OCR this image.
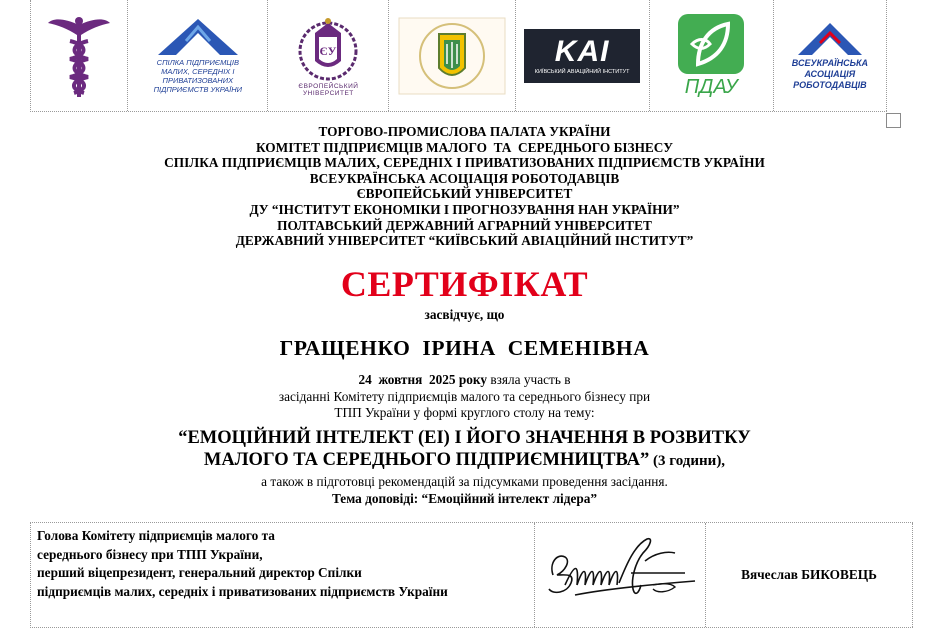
СПІЛКА ПІДПРИЄМЦІВ МАЛИХ, СЕРЕДНІХ І ПРИВАТИЗОВАНИХ ПІДПРИЄМСТВ УКРАЇНИ
ЄУ
ЄВРОПЕЙСЬКИЙ УНІВЕРСИТЕТ
KAI
КИЇВСЬКИЙ АВІАЦІЙНИЙ ІНСТИТУТ
ПДАУ
ВСЕУКРАЇНСЬКА АСОЦІАЦІЯ РОБОТОДАВЦІВ
ТОРГОВО-ПРОМИСЛОВА ПАЛАТА УКРАЇНИ
КОМІТЕТ ПІДПРИЄМЦІВ МАЛОГО  ТА  СЕРЕДНЬОГО БІЗНЕСУ
СПІЛКА ПІДПРИЄМЦІВ МАЛИХ, СЕРЕДНІХ І ПРИВАТИЗОВАНИХ ПІДПРИЄМСТВ УКРАЇНИ
ВСЕУКРАЇНСЬКА АСОЦІАЦІЯ РОБОТОДАВЦІВ
ЄВРОПЕЙСЬКИЙ УНІВЕРСИТЕТ
ДУ “ІНСТИТУТ ЕКОНОМІКИ І ПРОГНОЗУВАННЯ НАН УКРАЇНИ”
ПОЛТАВСЬКИЙ ДЕРЖАВНИЙ АГРАРНИЙ УНІВЕРСИТЕТ
ДЕРЖАВНИЙ УНІВЕРСИТЕТ “КИЇВСЬКИЙ АВІАЦІЙНИЙ ІНСТИТУТ”
СЕРТИФІКАТ
засвідчує, що
ГРАЩЕНКО  ІРИНА  СЕМЕНІВНА
24  жовтня  2025 року взяла участь в
засіданні Комітету підприємців малого та середнього бізнесу при
ТПП України у формі круглого столу на тему:
“ЕМОЦІЙНИЙ ІНТЕЛЕКТ (ЕІ) І ЙОГО ЗНАЧЕННЯ В РОЗВИТКУ
МАЛОГО ТА СЕРЕДНЬОГО ПІДПРИЄМНИЦТВА” (3 години),
а також в підготовці рекомендацій за підсумками проведення засідання.
Тема доповіді: “Емоційний інтелект лідера”
Голова Комітету підприємців малого та
середнього бізнесу при ТПП України,
перший віцепрезидент, генеральний директор Спілки
підприємців малих, середніх і приватизованих підприємств України
Вячеслав
БИКОВЕЦЬ
